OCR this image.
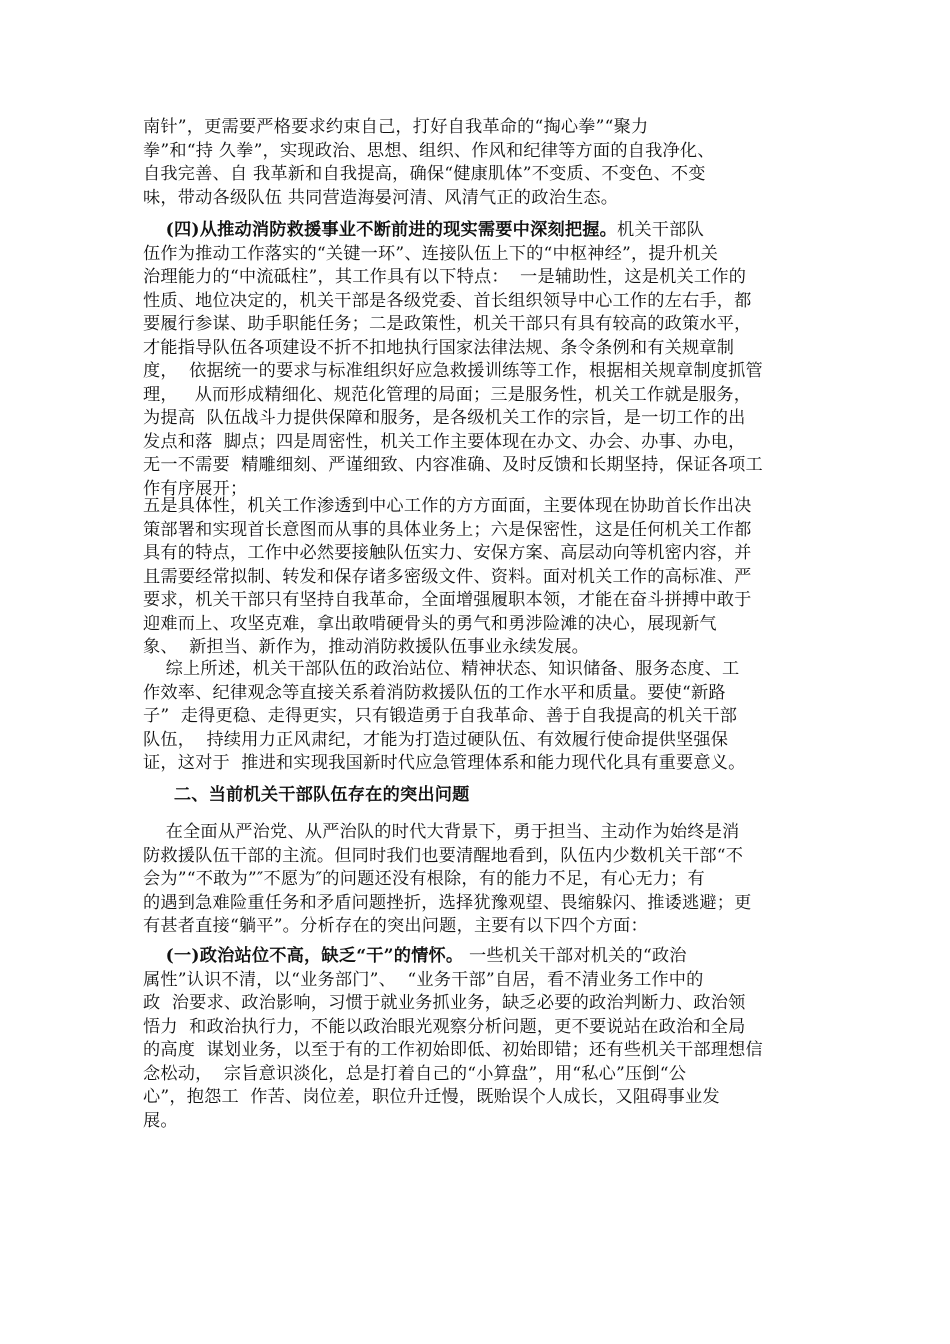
南针”，更需要严格要求约束自己，打好自我革命的“掏心拳”“聚力
拳”和“持 久拳”，实现政治、思想、组织、作风和纪律等方面的自我净化、
自我完善、自 我革新和自我提高，确保“健康肌体”不变质、不变色、不变
味，带动各级队伍 共同营造海晏河清、风清气正的政治生态。
(四)从推动消防救援事业不断前进的现实需要中深刻把握。机关干部队
伍作为推动工作落实的“关键一环”、连接队伍上下的“中枢神经”，提升机关
治理能力的“中流砥柱”，其工作具有以下特点：  一是辅助性，这是机关工作的
性质、地位决定的，机关干部是各级党委、首长组织领导中心工作的左右手，都
要履行参谋、助手职能任务；二是政策性，机关干部只有具有较高的政策水平，
才能指导队伍各项建设不折不扣地执行国家法律法规、条令条例和有关规章制
度，  依据统一的要求与标准组织好应急救援训练等工作，根据相关规章制度抓管
理，   从而形成精细化、规范化管理的局面；三是服务性，机关工作就是服务，
为提高  队伍战斗力提供保障和服务，是各级机关工作的宗旨，是一切工作的出
发点和落  脚点；四是周密性，机关工作主要体现在办文、办会、办事、办电，
无一不需要  精雕细刻、严谨细致、内容准确、及时反馈和长期坚持，保证各项工
作有序展开；
五是具体性，机关工作渗透到中心工作的方方面面，主要体现在协助首长作出决
策部署和实现首长意图而从事的具体业务上；六是保密性，这是任何机关工作都
具有的特点，工作中必然要接触队伍实力、安保方案、高层动向等机密内容，并
且需要经常拟制、转发和保存诸多密级文件、资料。面对机关工作的高标准、严
要求，机关干部只有坚持自我革命，全面增强履职本领，才能在奋斗拼搏中敢于
迎难而上、攻坚克难，拿出敢啃硬骨头的勇气和勇涉险滩的决心，展现新气
象、  新担当、新作为，推动消防救援队伍事业永续发展。
综上所述，机关干部队伍的政治站位、精神状态、知识储备、服务态度、工
作效率、纪律观念等直接关系着消防救援队伍的工作水平和质量。要使“新路
子”  走得更稳、走得更实，只有锻造勇于自我革命、善于自我提高的机关干部
队伍，  持续用力正风肃纪，才能为打造过硬队伍、有效履行使命提供坚强保
证，这对于  推进和实现我国新时代应急管理体系和能力现代化具有重要意义。
二、当前机关干部队伍存在的突出问题
在全面从严治党、从严治队的时代大背景下，勇于担当、主动作为始终是消
防救援队伍干部的主流。但同时我们也要清醒地看到，队伍内少数机关干部“不
会为”“不敢为”″不愿为″的问题还没有根除，有的能力不足，有心无力；有
的遇到急难险重任务和矛盾问题挫折，选择犹豫观望、畏缩躲闪、推诿逃避；更
有甚者直接“躺平”。分析存在的突出问题，主要有以下四个方面：
(一)政治站位不高，缺乏“干”的情怀。 一些机关干部对机关的“政治
属性”认识不清，以“业务部门”、  “业务干部”自居，看不清业务工作中的
政  治要求、政治影响，习惯于就业务抓业务，缺乏必要的政治判断力、政治领
悟力  和政治执行力，不能以政治眼光观察分析问题，更不要说站在政治和全局
的高度  谋划业务，以至于有的工作初始即低、初始即错；还有些机关干部理想信
念松动，  宗旨意识淡化，总是打着自己的“小算盘”，用“私心”压倒“公
心”，抱怨工  作苦、岗位差，职位升迁慢，既贻误个人成长，又阻碍事业发
展。
